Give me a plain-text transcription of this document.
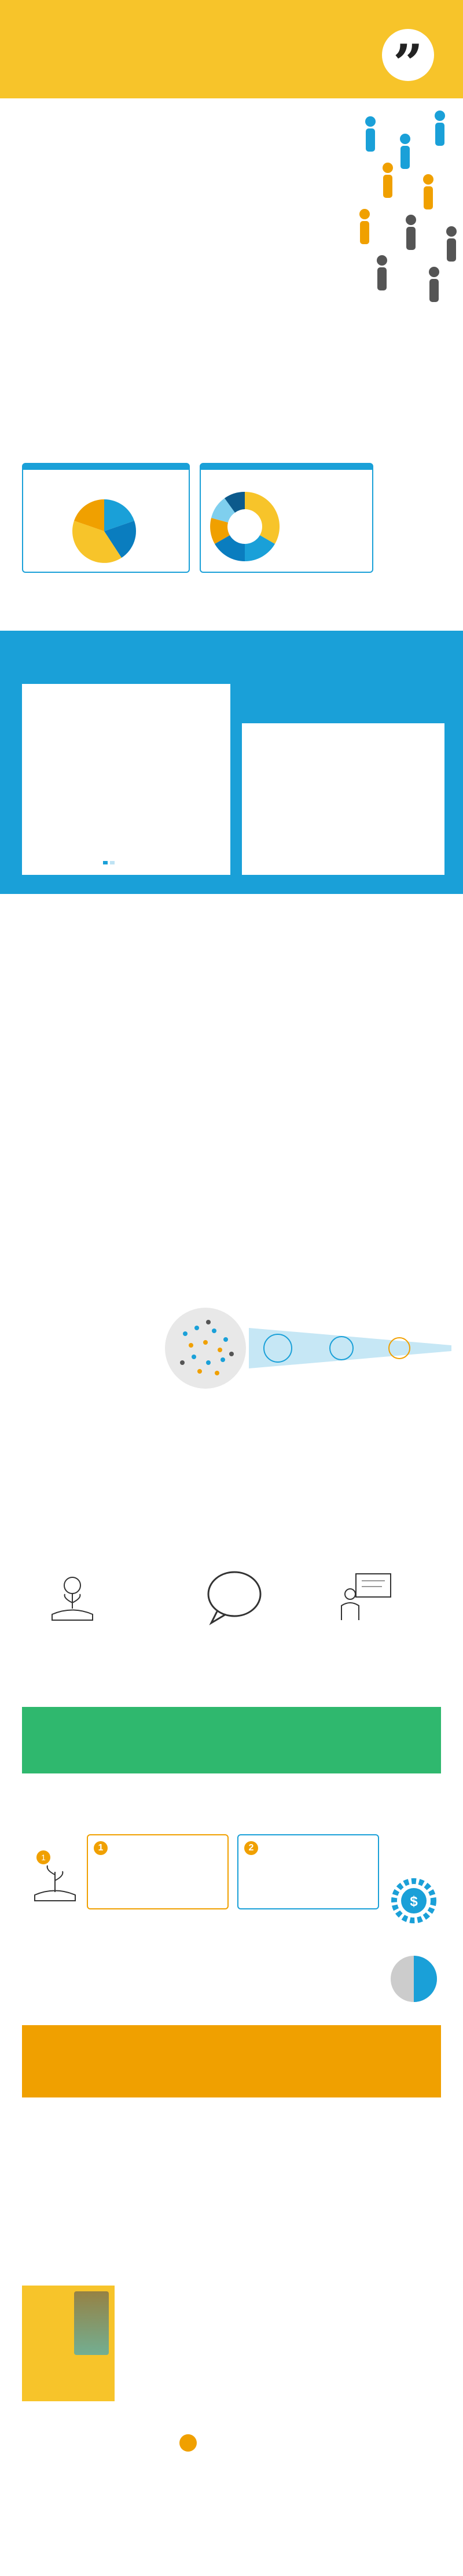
”

1
1	2
$
